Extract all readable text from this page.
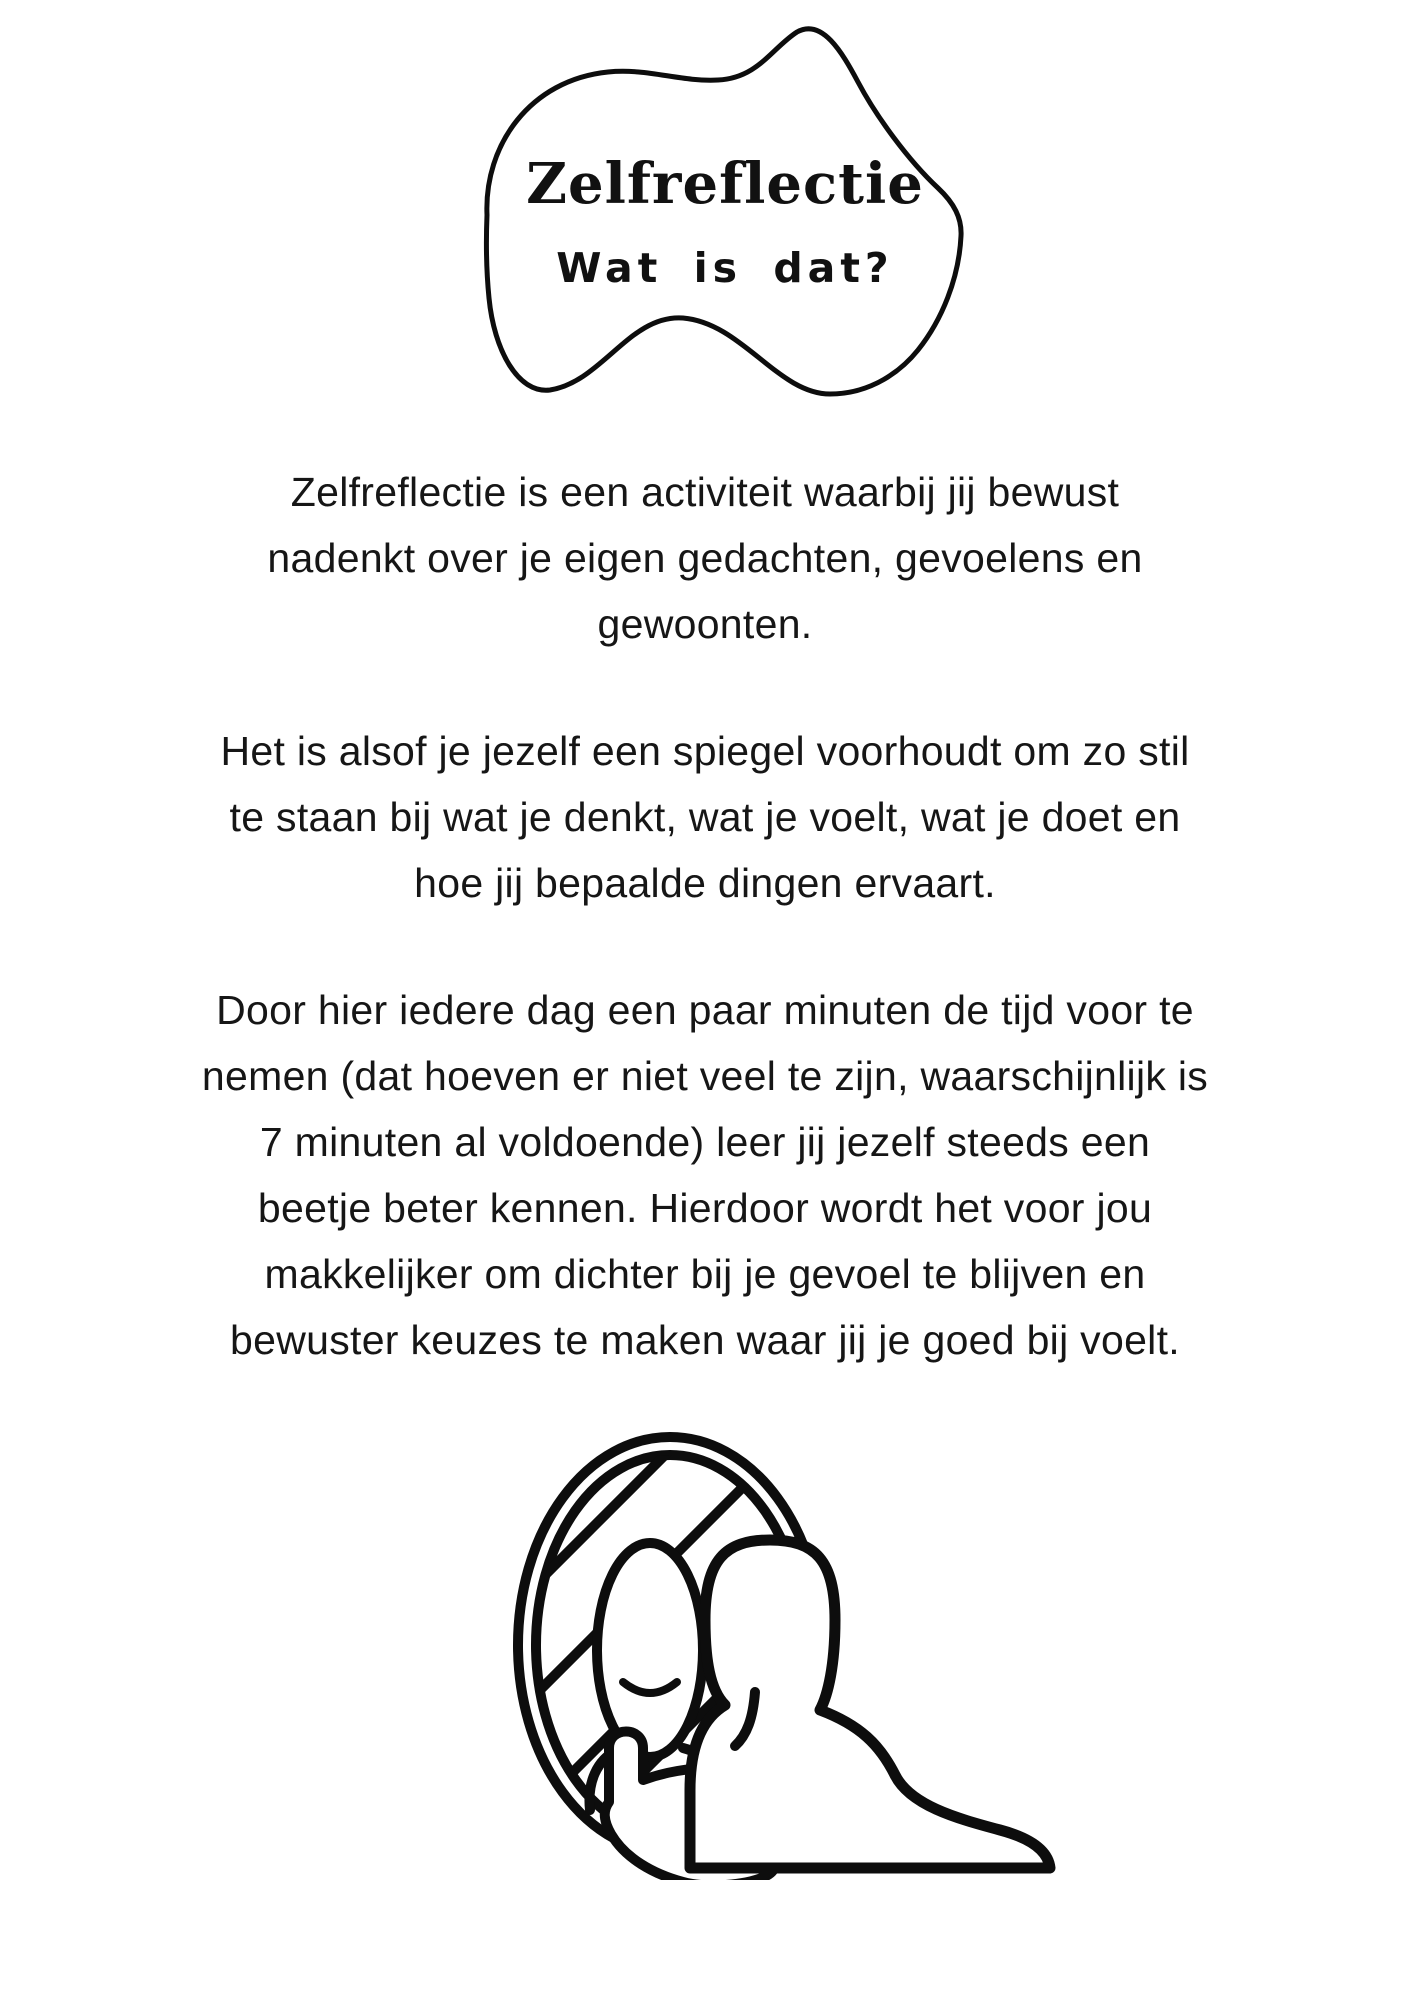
Zelfreflectie
Wat is dat?
Zelfreflectie is een activiteit waarbij jij bewust
nadenkt over je eigen gedachten, gevoelens en
gewoonten.
Het is alsof je jezelf een spiegel voorhoudt om zo stil
te staan bij wat je denkt, wat je voelt, wat je doet en
hoe jij bepaalde dingen ervaart.
Door hier iedere dag een paar minuten de tijd voor te
nemen (dat hoeven er niet veel te zijn, waarschijnlijk is
7 minuten al voldoende) leer jij jezelf steeds een
beetje beter kennen. Hierdoor wordt het voor jou
makkelijker om dichter bij je gevoel te blijven en
bewuster keuzes te maken waar jij je goed bij voelt.
